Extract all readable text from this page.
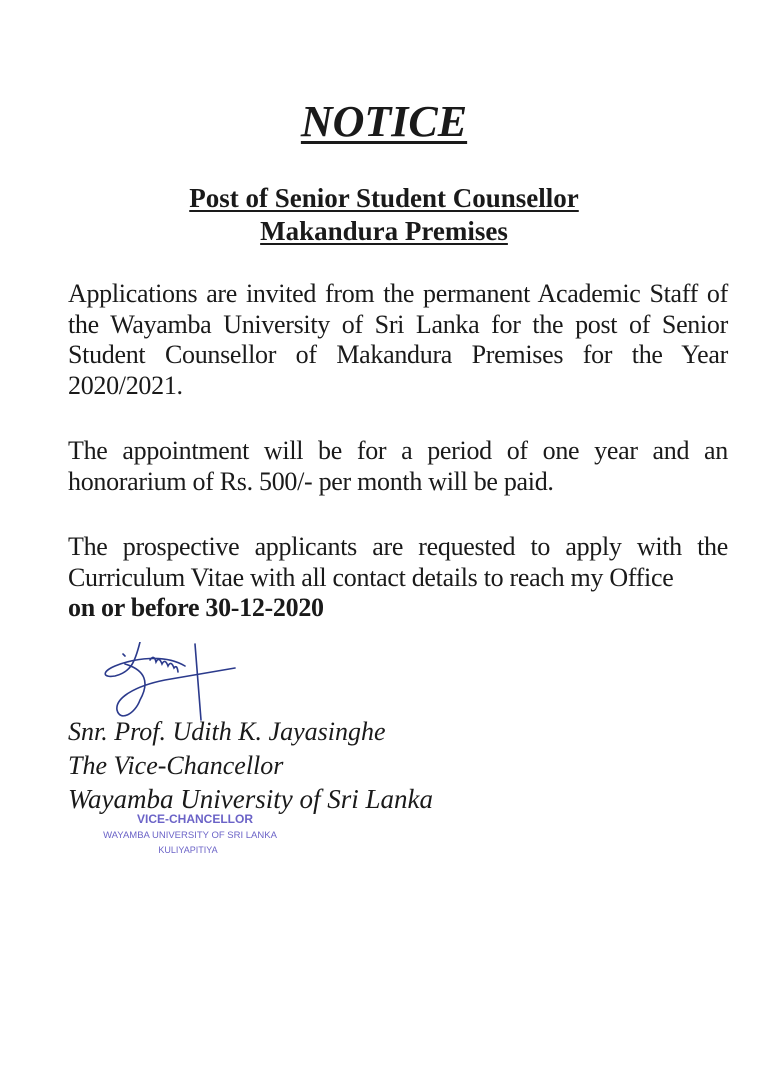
NOTICE
Post of Senior Student Counsellor
Makandura Premises
Applications are invited from the permanent Academic Staff of the Wayamba University of Sri Lanka for the post of Senior Student Counsellor of Makandura Premises for the Year 2020/2021.
The appointment will be for a period of one year and an honorarium of Rs. 500/- per month will be paid.
The prospective applicants are requested to apply with the Curriculum Vitae with all contact details to reach my Office
on or before 30-12-2020
Snr. Prof. Udith K. Jayasinghe
The Vice-Chancellor
Wayamba University of Sri Lanka
VICE-CHANCELLOR
WAYAMBA UNIVERSITY OF SRI LANKA
KULIYAPITIYA
